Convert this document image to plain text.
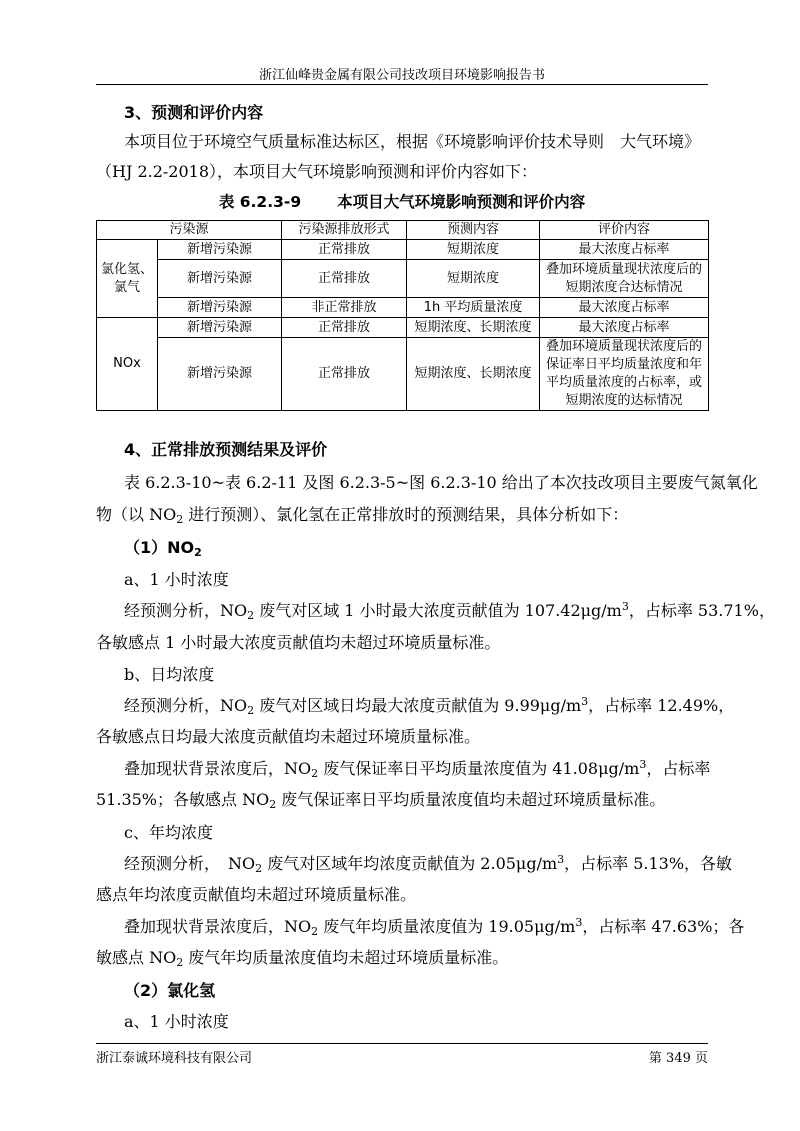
浙江仙峰贵金属有限公司技改项目环境影响报告书
3、预测和评价内容
本项目位于环境空气质量标准达标区，根据《环境影响评价技术导则　大气环境》
（HJ 2.2-2018），本项目大气环境影响预测和评价内容如下：
表 6.2.3-9 本项目大气环境影响预测和评价内容
污染源		污染源排放形式	预测内容	评价内容
氯化氢、氯气	新增污染源	正常排放	短期浓度	最大浓度占标率
	新增污染源	正常排放	短期浓度	叠加环境质量现状浓度后的短期浓度合达标情况
	新增污染源	非正常排放	1h 平均质量浓度	最大浓度占标率
NOx	新增污染源	正常排放	短期浓度、长期浓度	最大浓度占标率
	新增污染源	正常排放	短期浓度、长期浓度	叠加环境质量现状浓度后的保证率日平均质量浓度和年平均质量浓度的占标率，或短期浓度的达标情况
4、正常排放预测结果及评价
表 6.2.3-10~表 6.2-11 及图 6.2.3-5~图 6.2.3-10 给出了本次技改项目主要废气氮氧化
物（以 $NO_2$ 进行预测）、氯化氢在正常排放时的预测结果，具体分析如下：
$(1)NO_2$
a、1 小时浓度
经预测分析，$NO_2$ 废气对区域 1 小时最大浓度贡献值为 $107.42\mu g/m^3$，占标率 53.71%，
各敏感点 1 小时最大浓度贡献值均未超过环境质量标准。
b、日均浓度
经预测分析，$NO_2$ 废气对区域日均最大浓度贡献值为 $9.99\mu g/m^3$，占标率 12.49%，
各敏感点日均最大浓度贡献值均未超过环境质量标准。
叠加现状背景浓度后，$NO_2$ 废气保证率日平均质量浓度值为 $41.08\mu g/m^3$，占标率
51.35%；各敏感点 $NO_2$ 废气保证率日平均质量浓度值均未超过环境质量标准。
c、年均浓度
经预测分析，　$NO_2$ 废气对区域年均浓度贡献值为 $2.05\mu g/m^3$，占标率 5.13%，各敏
感点年均浓度贡献值均未超过环境质量标准。
叠加现状背景浓度后，$NO_2$ 废气年均质量浓度值为 $19.05\mu g/m^3$，占标率 47.63%；各
敏感点 $NO_2$ 废气年均质量浓度值均未超过环境质量标准。
（2）氯化氢
a、1 小时浓度
浙江泰诚环境科技有限公司	第 349 页
